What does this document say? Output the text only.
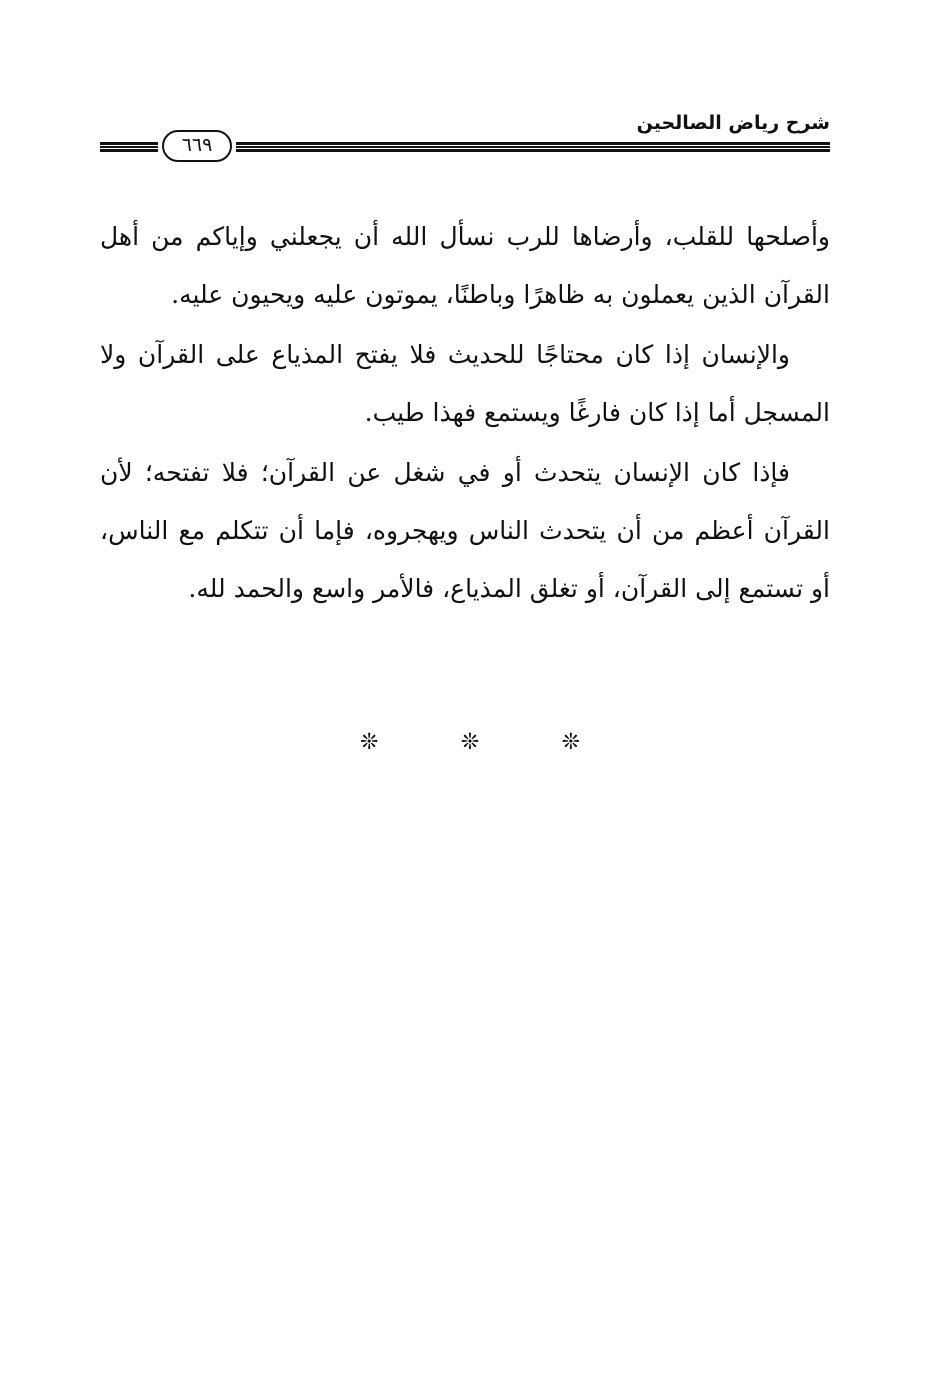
شرح رياض الصالحين
٦٦٩

وأصلحها للقلب، وأرضاها للرب نسأل الله أن يجعلني وإياكم من أهل القرآن الذين يعملون به ظاهرًا وباطنًا، يموتون عليه ويحيون عليه.

والإنسان إذا كان محتاجًا للحديث فلا يفتح المذياع على القرآن ولا المسجل أما إذا كان فارغًا ويستمع فهذا طيب.

فإذا كان الإنسان يتحدث أو في شغل عن القرآن؛ فلا تفتحه؛ لأن القرآن أعظم من أن يتحدث الناس ويهجروه، فإما أن تتكلم مع الناس، أو تستمع إلى القرآن، أو تغلق المذياع، فالأمر واسع والحمد لله.

❊	❊	❊
